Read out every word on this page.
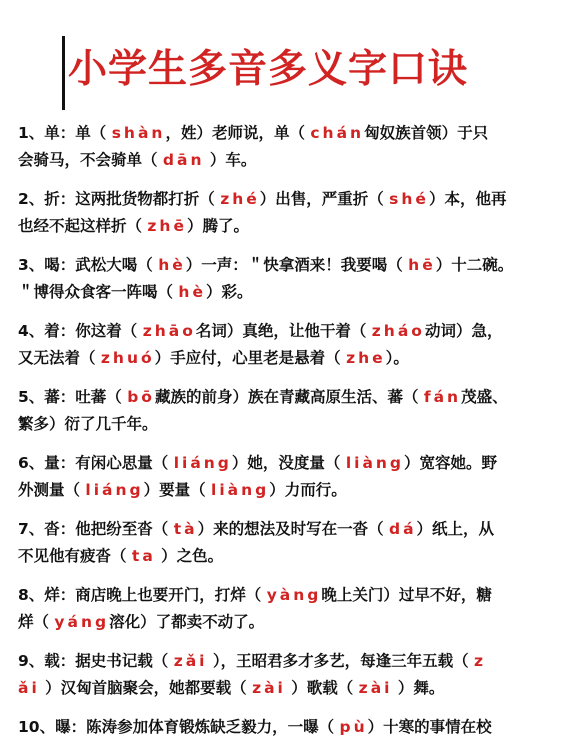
小学生多音多义字口诀
1、单：单（ shàn，姓）老师说，单（ chán匈奴族首领）于只
会骑马，不会骑单（ dān ）车。
2、折：这两批货物都打折（ zhé）出售，严重折（ shé）本，他再
也经不起这样折（ zhē）腾了。
3、喝：武松大喝（ hè）一声：＂快拿酒来！我要喝（ hē）十二碗。
＂博得众食客一阵喝（ hè）彩。
4、着：你这着（ zhāo名词）真绝，让他干着（ zháo动词）急，
又无法着（ zhuó）手应付，心里老是悬着（ zhe）。
5、蕃：吐蕃（ bō藏族的前身）族在青藏高原生活、蕃（ fán茂盛、
繁多）衍了几千年。
6、量：有闲心思量（ liáng）她，没度量（ liàng）宽容她。野
外测量（ liáng）要量（ liàng）力而行。
7、沓：他把纷至沓（ tà）来的想法及时写在一沓（ dá）纸上，从
不见他有疲沓（ ta ）之色。
8、烊：商店晚上也要开门，打烊（ yàng晚上关门）过早不好，糖
烊（ yáng溶化）了都卖不动了。
9、载：据史书记载（ zǎi ），王昭君多才多艺，每逢三年五载（ z
ǎi ）汉匈首脑聚会，她都要载（ zài ）歌载（ zài ）舞。
10、曝：陈涛参加体育锻炼缺乏毅力，一曝（ pù）十寒的事情在校
